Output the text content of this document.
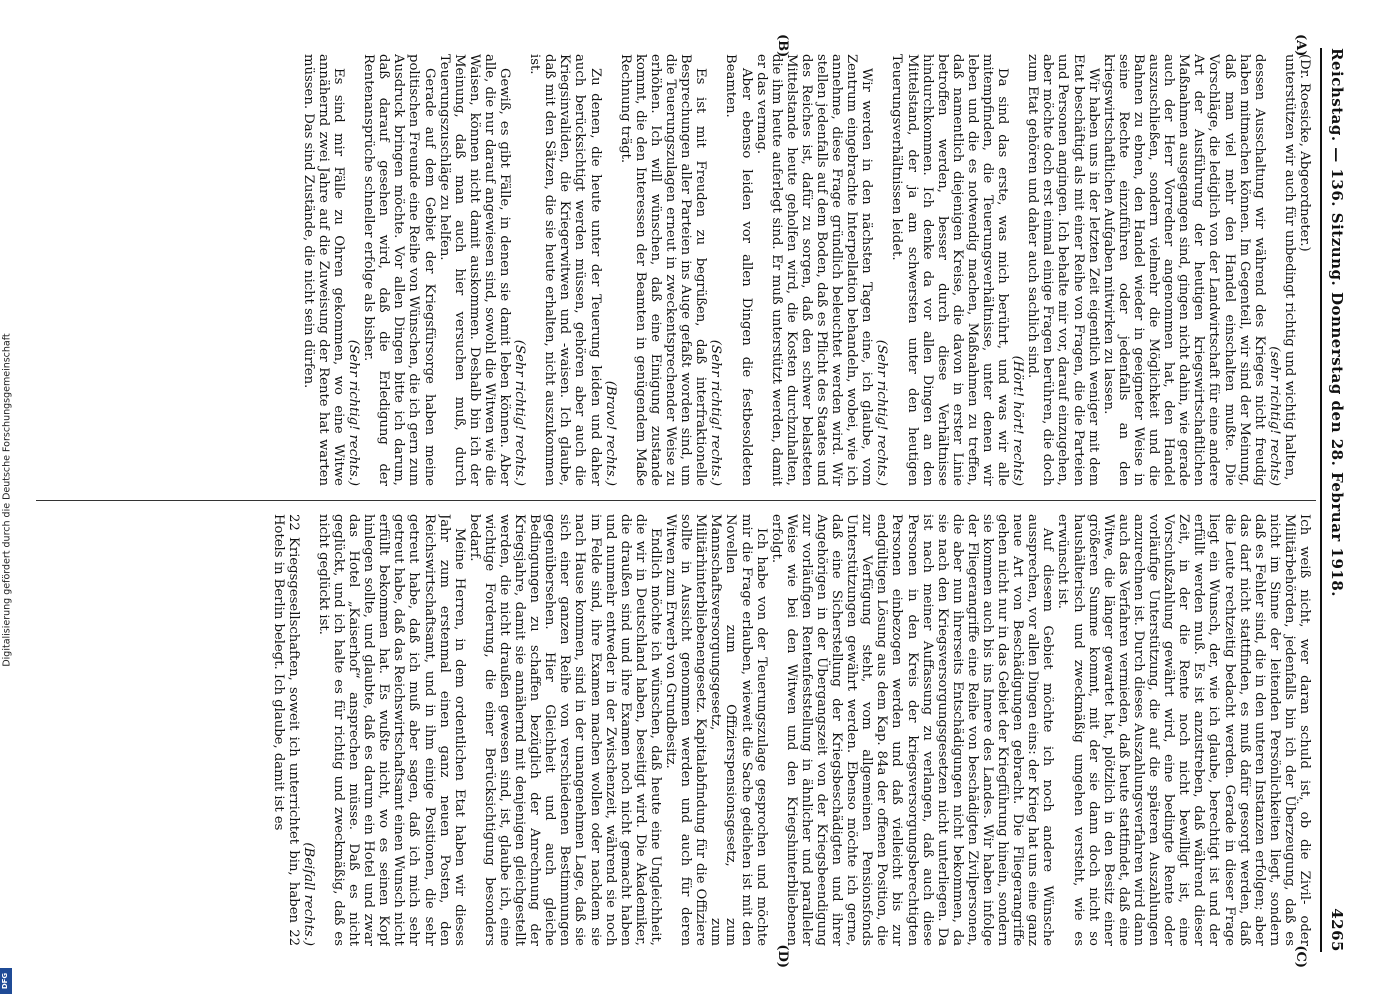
Reichstag. — 136. Sitzung. Donnerstag den 28. Februar 1918.
4265
(A)
(B)
(C)
(D)

(Dr. Roesicke, Abgeordneter.)

unterstützen wir auch für unbedingt richtig und wichtig halten,

(sehr richtig! rechts)

dessen Ausschaltung wir während des Krieges nicht freudig haben mitmachen können. Im Gegenteil, wir sind der Meinung, daß man viel mehr den Handel einschalten mußte. Die Vorschläge, die lediglich von der Landwirtschaft für eine andere Art der Ausführung der heutigen kriegswirtschaftlichen Maßnahmen ausgegangen sind, gingen nicht dahin, wie gerade auch der Herr Vorredner angenommen hat, den Handel auszuschließen, sondern vielmehr die Möglichkeit und die Bahnen zu ebnen, den Handel wieder in geeigneter Weise in seine Rechte einzuführen oder jedenfalls an den kriegswirtschaftlichen Aufgaben mitwirken zu lassen.

Wir haben uns in der letzten Zeit eigentlich weniger mit dem Etat beschäftigt als mit einer Reihe von Fragen, die die Parteien und Personen angingen. Ich behalte mir vor, darauf einzugehen, aber möchte doch erst einmal einige Fragen berühren, die doch zum Etat gehören und daher auch sachlich sind.

(Hört! hört! rechts)

Da sind das erste, was mich berührt, und was wir alle mitempfinden, die Teuerungsverhältnisse, unter denen wir leben und die es notwendig machen, Maßnahmen zu treffen, daß namentlich diejenigen Kreise, die davon in erster Linie betroffen werden, besser durch diese Verhältnisse hindurchkommen. Ich denke da vor allen Dingen an den Mittelstand, der ja am schwersten unter den heutigen Teuerungsverhältnissen leidet.

(Sehr richtig! rechts.)

Wir werden in den nächsten Tagen eine, ich glaube, vom Zentrum eingebrachte Interpellation behandeln, wobei, wie ich annehme, diese Frage gründlich beleuchtet werden wird. Wir stellen jedenfalls auf dem Boden, daß es Pflicht des Staates und des Reiches ist, dafür zu sorgen, daß den schwer belasteten Mittelstande heute geholfen wird, die Kosten durchzuhalten, die ihm heute auferlegt sind. Er muß unterstützt werden, damit er das vermag.

Aber ebenso leiden vor allen Dingen die festbesoldeten Beamten.

(Sehr richtig! rechts.)

Es ist mit Freuden zu begrüßen, daß interfraktionelle Besprechungen aller Parteien ins Auge gefaßt worden sind, um die Teuerungszulagen erneut in zweckentsprechender Weise zu erhöhen. Ich will wünschen, daß eine Einigung zustande kommt, die den Interessen der Beamten in genügendem Maße Rechnung trägt.

(Bravo! rechts.)

Zu denen, die heute unter der Teuerung leiden und daher auch berücksichtigt werden müssen, gehören aber auch die Kriegsinvaliden, die Kriegerwitwen und -waisen. Ich glaube, daß mit den Sätzen, die sie heute erhalten, nicht auszukommen ist.

(Sehr richtig! rechts.)

Gewiß, es gibt Fälle, in denen sie damit leben können. Aber alle, die nur darauf angewiesen sind, sowohl die Witwen wie die Waisen, können nicht damit auskommen. Deshalb bin ich der Meinung, daß man auch hier versuchen muß, durch Teuerungszuschläge zu helfen.

Gerade auf dem Gebiet der Kriegsfürsorge haben meine politischen Freunde eine Reihe von Wünschen, die ich gern zum Ausdruck bringen möchte. Vor allen Dingen bitte ich darum, daß darauf gesehen wird, daß die Erledigung der Rentenansprüche schneller erfolge als bisher.

(Sehr richtig! rechts.)

Es sind mir Fälle zu Ohren gekommen, wo eine Witwe annähernd zwei Jahre auf die Zuweisung der Rente hat warten müssen. Das sind Zustände, die nicht sein dürfen.

Ich weiß nicht, wer daran schuld ist, ob die Zivil- oder Militärbehörden, jedenfalls bin ich der Überzeugung, daß es nicht im Sinne der leitenden Persönlichkeiten liegt, sondern daß es Fehler sind, die in den unteren Instanzen erfolgen; aber das darf nicht stattfinden, es muß dafür gesorgt werden, daß die Leute rechtzeitig bedacht werden. Gerade in dieser Frage liegt ein Wunsch, der, wie ich glaube, berechtigt ist und der erfüllt werden muß. Es ist anzustreben, daß während dieser Zeit, in der die Rente noch nicht bewilligt ist, eine Vorschußzahlung gewährt wird, eine bedingte Rente oder vorläufige Unterstützung, die auf die späteren Auszahlungen anzurechnen ist. Durch dieses Auszahlungsverfahren wird dann auch das Verfahren vermieden, daß heute stattfindet, daß eine Witwe, die länger gewartet hat, plötzlich in den Besitz einer größeren Summe kommt, mit der sie dann doch nicht so haushälterisch und zweckmäßig umgehen versteht, wie es erwünscht ist.

Auf diesem Gebiet möchte ich noch andere Wünsche aussprechen, vor allen Dingen eins: der Krieg hat uns eine ganz neue Art von Beschädigungen gebracht. Die Fliegerangriffe gehen nicht nur in das Gebiet der Kriegführung hinein, sondern sie kommen auch bis ins Innere des Landes. Wir haben infolge der Fliegerangriffe eine Reihe von beschädigten Zivilpersonen, die aber nun ihrerseits Entschädigungen nicht bekommen, da sie nach den Kriegsversorgungsgesetzen nicht unterliegen. Da ist nach meiner Auffassung zu verlangen, daß auch diese Personen in den Kreis der kriegsversorgungsberechtigten Personen einbezogen werden und daß vielleicht bis zur endgültigen Lösung aus dem Kap. 84a der offenen Position, die zur Verfügung steht, vom allgemeinen Pensionsfonds Unterstützungen gewährt werden. Ebenso möchte ich gerne, daß eine Sicherstellung der Kriegsbeschädigten und ihrer Angehörigen in der Übergangszeit von der Kriegsbeendigung zur vorläufigen Rentenfeststellung in ähnlicher und paralleler Weise wie bei den Witwen und den Kriegshinterbliebenen erfolgt.

Ich habe von der Teuerungszulage gesprochen und möchte mir die Frage erlauben, wieweit die Sache gediehen ist mit den Novellen zum Offizierspensionsgesetz, zum Mannschaftsversorgungsgesetz, zum Militärhinterbliebenengesetz. Kapitalabfindung für die Offiziere sollte in Aussicht genommen werden und auch für deren Witwen zum Erwerb von Grundbesitz.

Endlich möchte ich wünschen, daß heute eine Ungleichheit, die wir in Deutschland haben, beseitigt wird. Die Akademiker, die draußen sind und ihre Examen noch nicht gemacht haben und nunmehr entweder in der Zwischenzeit, während sie noch im Felde sind, ihre Examen machen wollen oder nachdem sie nach Hause kommen, sind in der unangenehmen Lage, daß sie sich einer ganzen Reihe von verschiedenen Bestimmungen gegenübersehen. Hier Gleichheit und auch gleiche Bedingungen zu schaffen bezüglich der Anrechnung der Kriegsjahre, damit sie annähernd mit denjenigen gleichgestellt werden, die nicht draußen gewesen sind, ist, glaube ich, eine wichtige Forderung, die einer Berücksichtigung besonders bedarf.

Meine Herren, in dem ordentlichen Etat haben wir dieses Jahr zum erstenmal einen ganz neuen Posten, den Reichswirtschaftsamt, und in ihm einige Positionen, die sehr getreut habe, daß ich muß aber sagen, daß ich mich sehr getreut habe, daß das Reichswirtschaftsamt einen Wunsch nicht erfüllt bekommen hat. Es wußte nicht, wo es seinen Kopf hinlegen sollte, und glaubte, daß es darum ein Hotel und zwar das Hotel „Kaiserhof“ ansprechen müsse. Daß es nicht geglückt, und ich halte es für richtig und zweckmäßig, daß es nicht geglückt ist.

(Beifall rechts.)

22 Kriegsgesellschaften, soweit ich unterrichtet bin, haben 22 Hotels in Berlin belegt. Ich glaube, damit ist es

Digitalisierung gefördert durch die Deutsche Forschungsgemeinschaft
DFG
